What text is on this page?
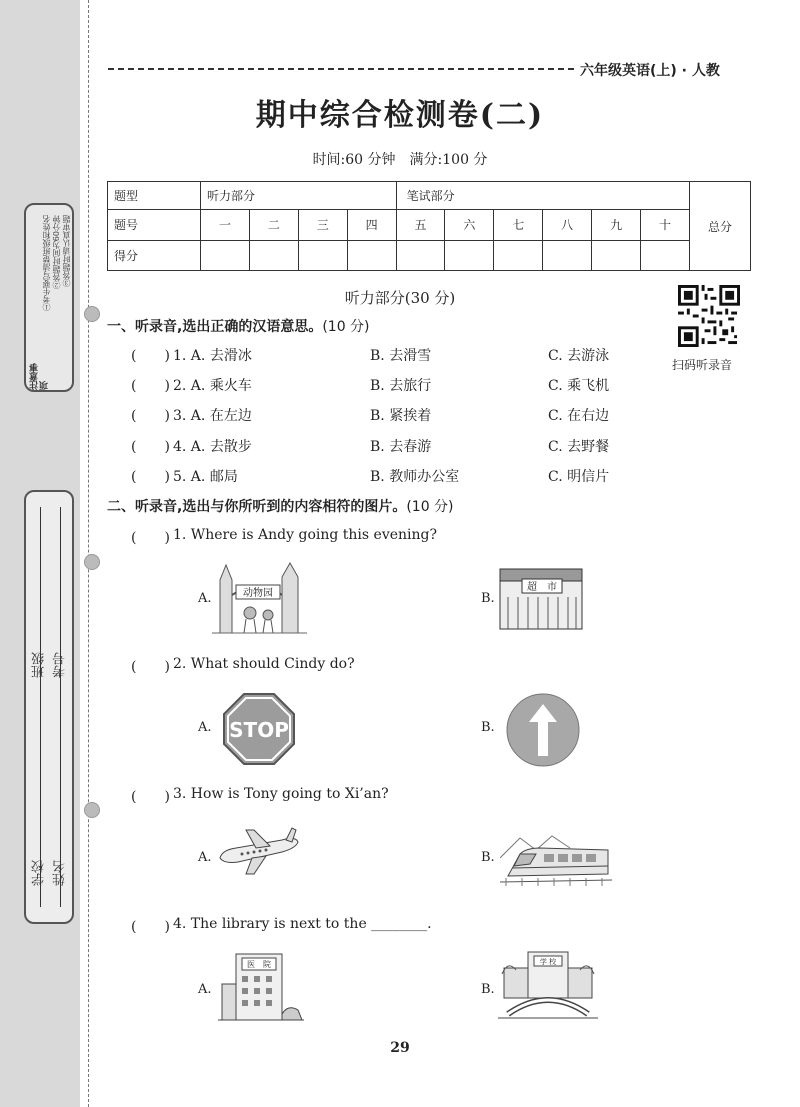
注意事项
①考生要写清楚班级和姓名 ②答题时间为60分钟 ③答题时请认真审题
学校 姓名
班级 考号
六年级英语(上) · 人教
期中综合检测卷(二)
时间:60 分钟　满分:100 分
题型	听力部分				笔试部分						总分
题号	一	二	三	四	五	六	七	八	九	十	
得分											
听力部分(30 分)
扫码听录音
一、听录音,选出正确的汉语意思。(10 分)
(　　) 1. A. 去滑冰	B. 去滑雪	C. 去游泳
(　　) 2. A. 乘火车	B. 去旅行	C. 乘飞机
(　　) 3. A. 在左边	B. 紧挨着	C. 在右边
(　　) 4. A. 去散步	B. 去春游	C. 去野餐
(　　) 5. A. 邮局	B. 教师办公室	C. 明信片
二、听录音,选出与你所听到的内容相符的图片。(10 分)
(　　) 1. Where is Andy going this evening?
A.	动物园	B.
超　市
(　　) 2. What should Cindy do?
A. STOP	B.
(　　) 3. How is Tony going to Xi’an?
A.	B.
(　　) 4. The library is next to the ________.
A.
医　院
B.
学 校
29
